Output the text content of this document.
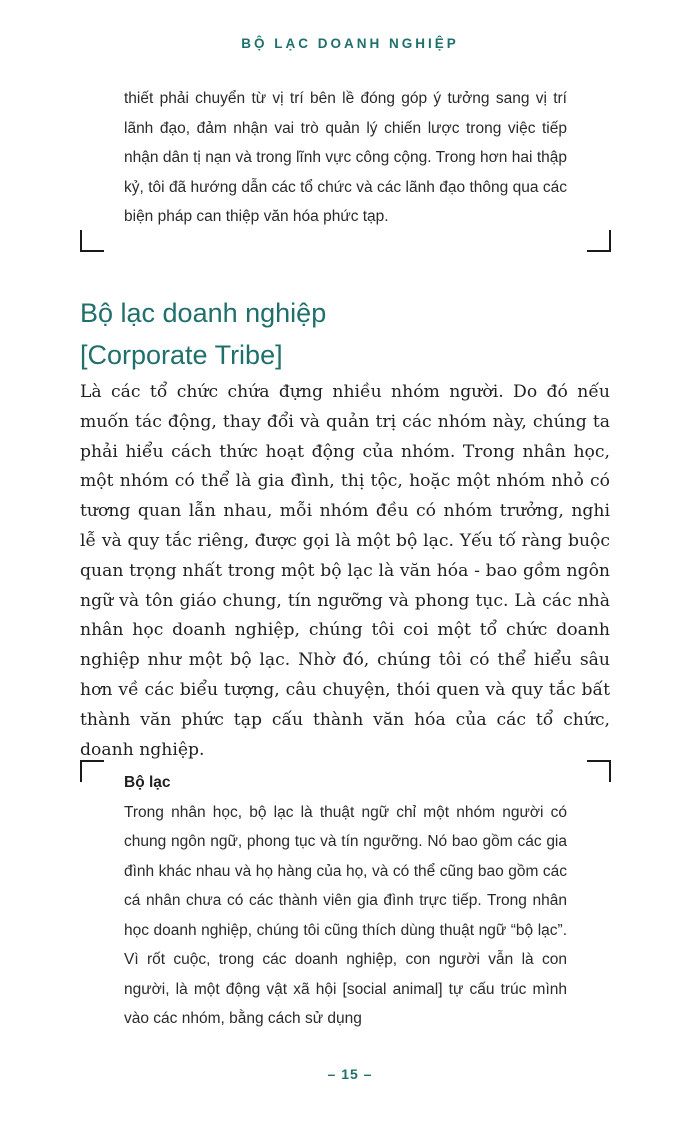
BỘ LẠC DOANH NGHIỆP

thiết phải chuyển từ vị trí bên lề đóng góp ý tưởng sang vị trí lãnh đạo, đảm nhận vai trò quản lý chiến lược trong việc tiếp nhận dân tị nạn và trong lĩnh vực công cộng. Trong hơn hai thập kỷ, tôi đã hướng dẫn các tổ chức và các lãnh đạo thông qua các biện pháp can thiệp văn hóa phức tạp.

Bộ lạc doanh nghiệp
[Corporate Tribe]

Là các tổ chức chứa đựng nhiều nhóm người. Do đó nếu muốn tác động, thay đổi và quản trị các nhóm này, chúng ta phải hiểu cách thức hoạt động của nhóm. Trong nhân học, một nhóm có thể là gia đình, thị tộc, hoặc một nhóm nhỏ có tương quan lẫn nhau, mỗi nhóm đều có nhóm trưởng, nghi lễ và quy tắc riêng, được gọi là một bộ lạc. Yếu tố ràng buộc quan trọng nhất trong một bộ lạc là văn hóa - bao gồm ngôn ngữ và tôn giáo chung, tín ngưỡng và phong tục. Là các nhà nhân học doanh nghiệp, chúng tôi coi một tổ chức doanh nghiệp như một bộ lạc. Nhờ đó, chúng tôi có thể hiểu sâu hơn về các biểu tượng, câu chuyện, thói quen và quy tắc bất thành văn phức tạp cấu thành văn hóa của các tổ chức, doanh nghiệp.

Bộ lạc
Trong nhân học, bộ lạc là thuật ngữ chỉ một nhóm người có chung ngôn ngữ, phong tục và tín ngưỡng. Nó bao gồm các gia đình khác nhau và họ hàng của họ, và có thể cũng bao gồm các cá nhân chưa có các thành viên gia đình trực tiếp. Trong nhân học doanh nghiệp, chúng tôi cũng thích dùng thuật ngữ “bộ lạc”. Vì rốt cuộc, trong các doanh nghiệp, con người vẫn là con người, là một động vật xã hội [social animal] tự cấu trúc mình vào các nhóm, bằng cách sử dụng
– 15 –
